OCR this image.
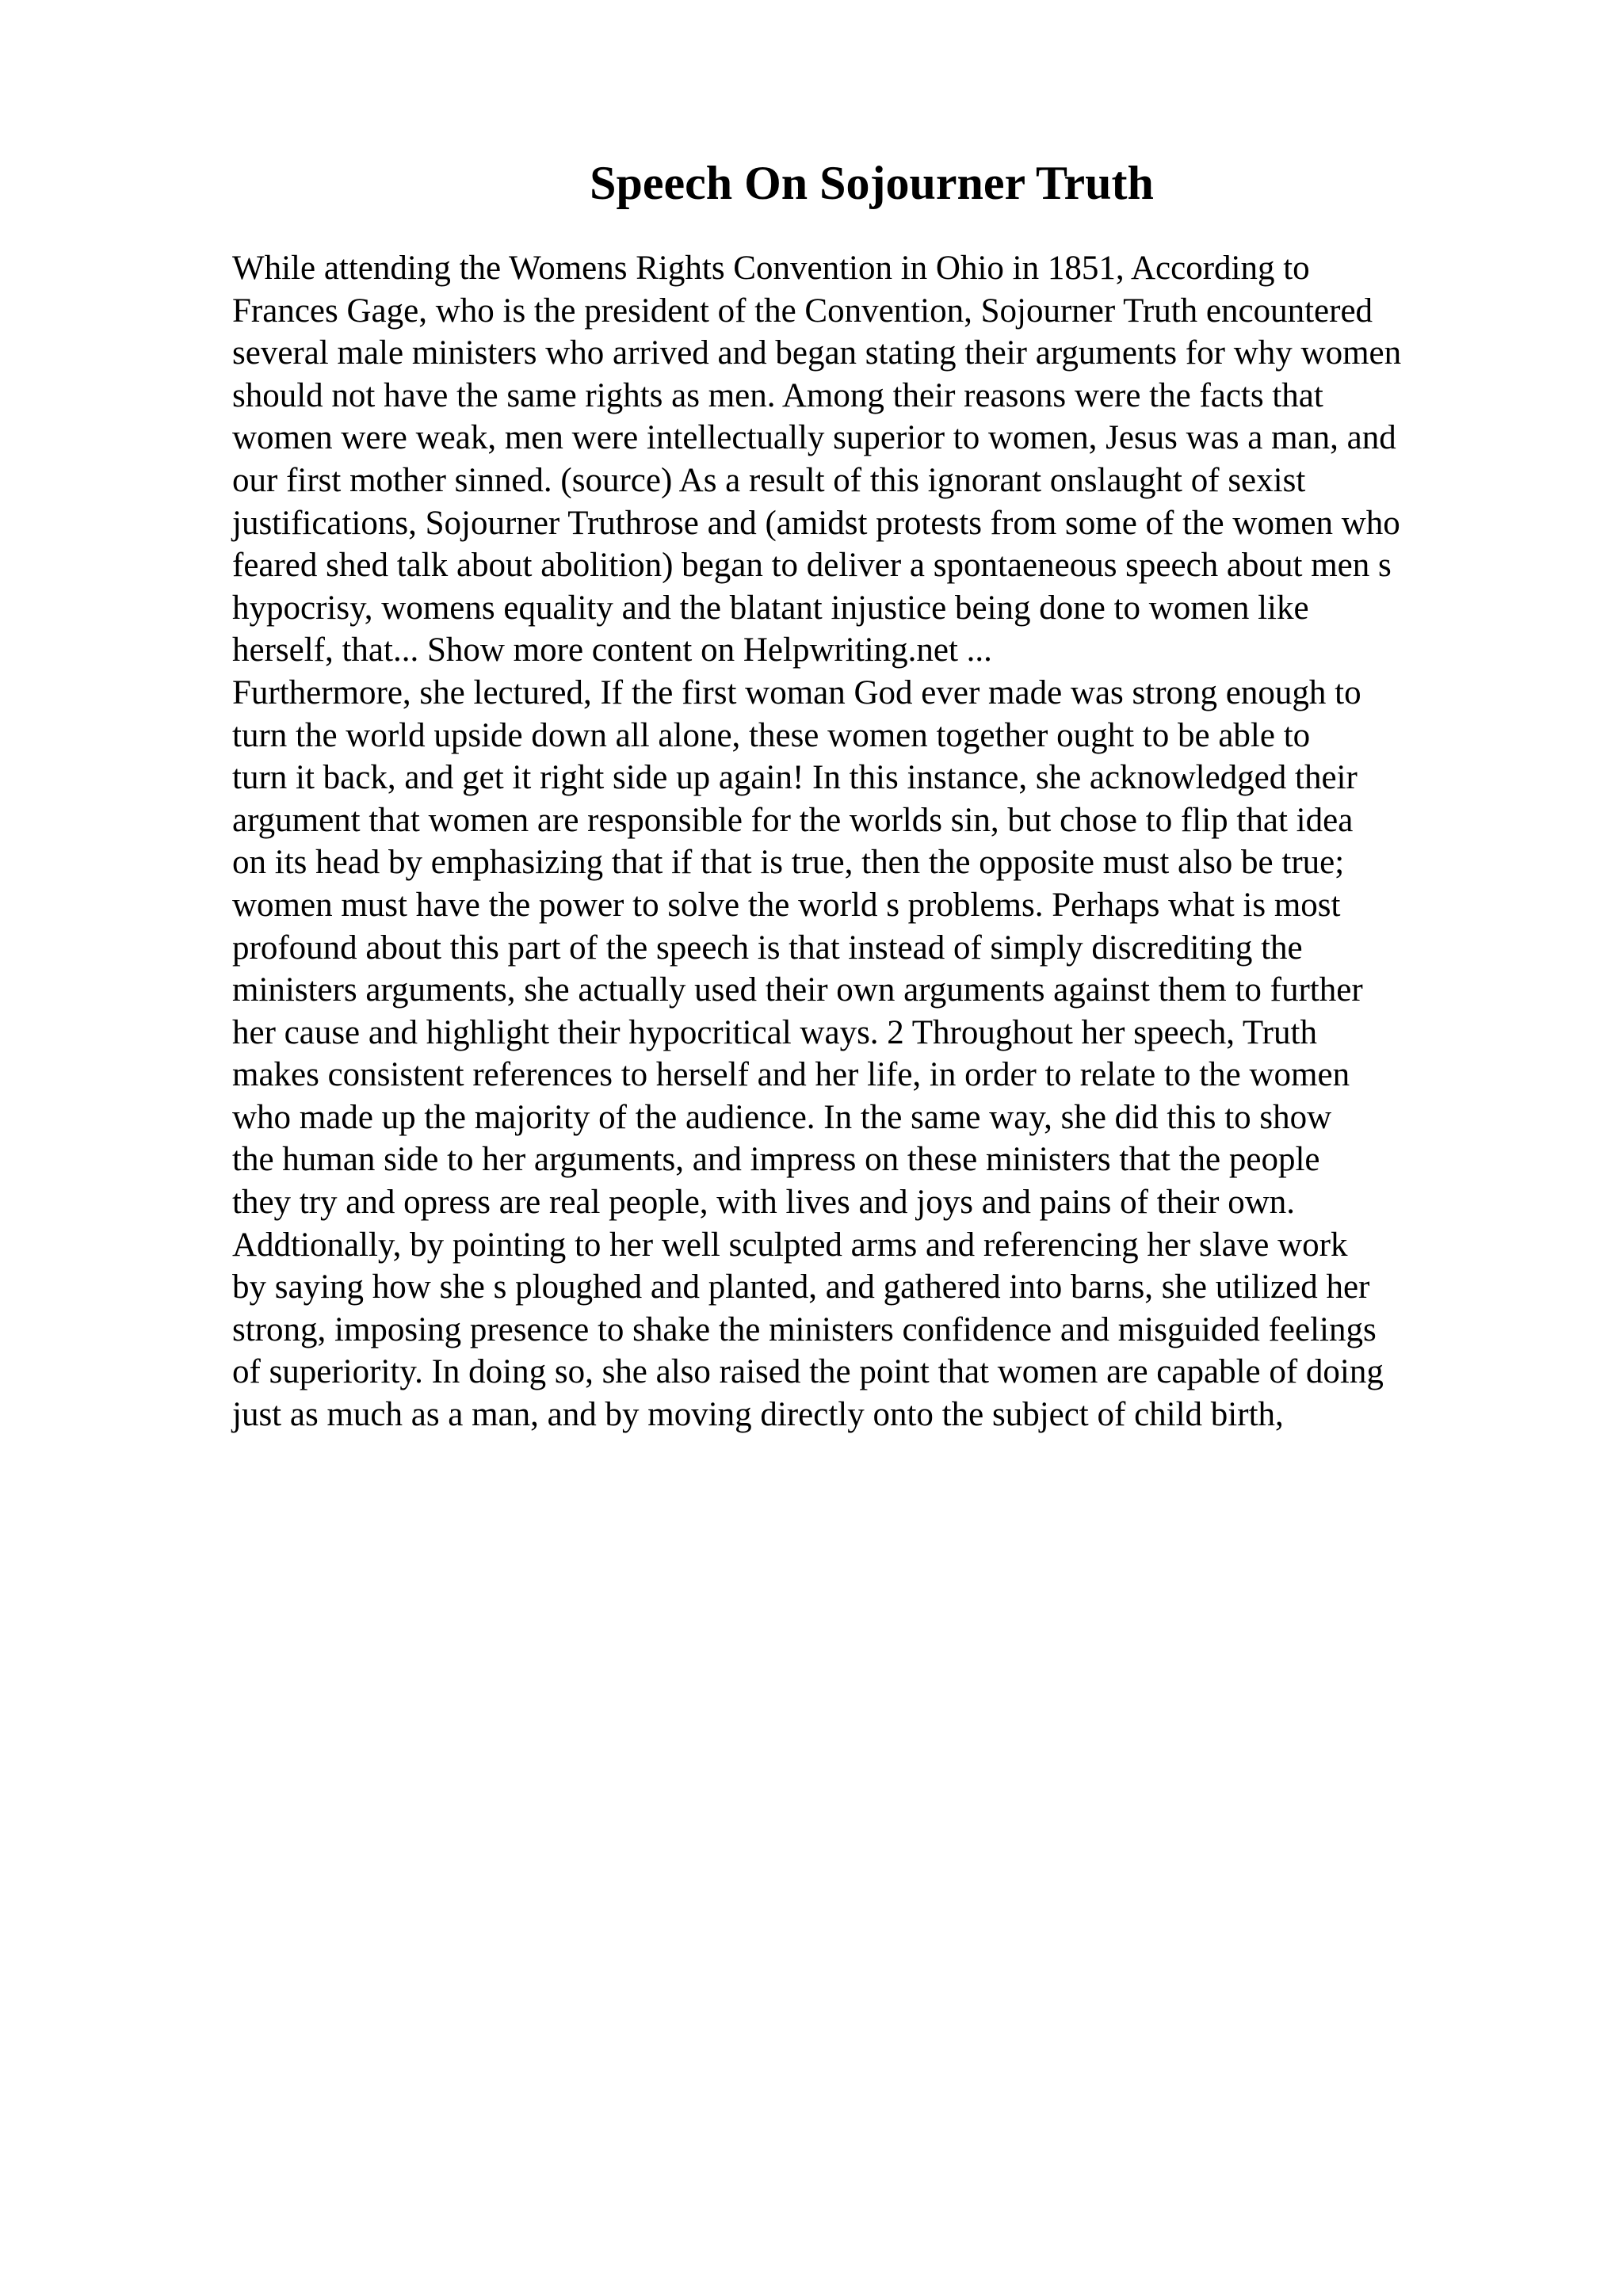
Speech On Sojourner Truth
While attending the Womens Rights Convention in Ohio in 1851, According to
Frances Gage, who is the president of the Convention, Sojourner Truth encountered
several male ministers who arrived and began stating their arguments for why women
should not have the same rights as men. Among their reasons were the facts that
women were weak, men were intellectually superior to women, Jesus was a man, and
our first mother sinned. (source) As a result of this ignorant onslaught of sexist
justifications, Sojourner Truthrose and (amidst protests from some of the women who
feared shed talk about abolition) began to deliver a spontaeneous speech about men s
hypocrisy, womens equality and the blatant injustice being done to women like
herself, that... Show more content on Helpwriting.net ...
Furthermore, she lectured, If the first woman God ever made was strong enough to
turn the world upside down all alone, these women together ought to be able to
turn it back, and get it right side up again! In this instance, she acknowledged their
argument that women are responsible for the worlds sin, but chose to flip that idea
on its head by emphasizing that if that is true, then the opposite must also be true;
women must have the power to solve the world s problems. Perhaps what is most
profound about this part of the speech is that instead of simply discrediting the
ministers arguments, she actually used their own arguments against them to further
her cause and highlight their hypocritical ways. 2 Throughout her speech, Truth
makes consistent references to herself and her life, in order to relate to the women
who made up the majority of the audience. In the same way, she did this to show
the human side to her arguments, and impress on these ministers that the people
they try and opress are real people, with lives and joys and pains of their own.
Addtionally, by pointing to her well sculpted arms and referencing her slave work
by saying how she s ploughed and planted, and gathered into barns, she utilized her
strong, imposing presence to shake the ministers confidence and misguided feelings
of superiority. In doing so, she also raised the point that women are capable of doing
just as much as a man, and by moving directly onto the subject of child birth,
